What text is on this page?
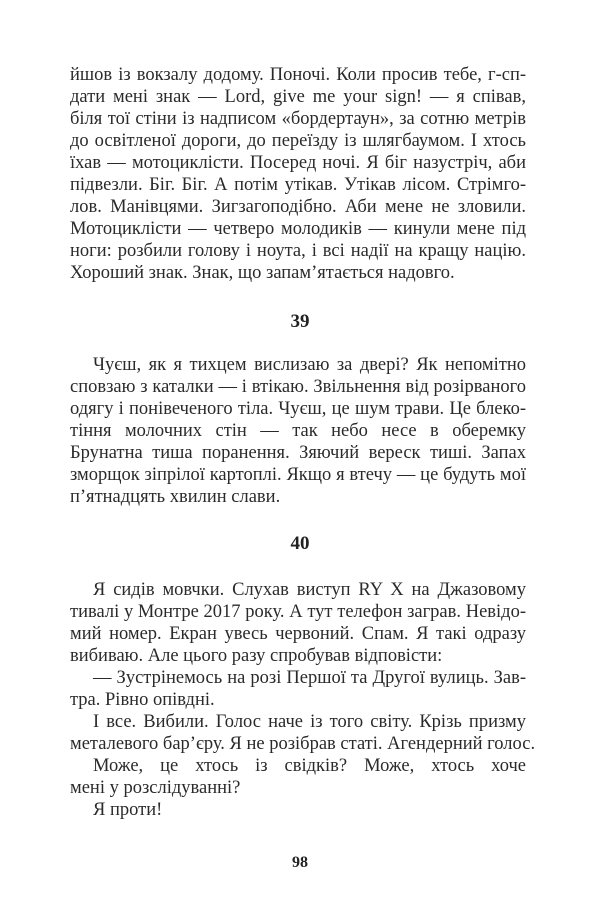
йшов із вокзалу додому. Поночі. Коли просив тебе, г-сп-
дати мені знак — Lord, give me your sign! — я співав,
біля тої стіни із надписом «бордертаун», за сотню метрів
до освітленої дороги, до переїзду із шлягбаумом. І хтось
їхав — мотоциклісти. Посеред ночі. Я біг назустріч, аби
підвезли. Біг. Біг. А потім утікав. Утікав лісом. Стрімго-
лов. Манівцями. Зигзагоподібно. Аби мене не зловили.
Мотоциклісти — четверо молодиків — кинули мене під
ноги: розбили голову і ноута, і всі надії на кращу націю.
Хороший знак. Знак, що запам’ятається надовго.
39
Чуєш, як я тихцем вислизаю за двері? Як непомітно
сповзаю з каталки — і втікаю. Звільнення від розірваного
одягу і понівеченого тіла. Чуєш, це шум трави. Це блеко-
тіння молочних стін — так небо несе в оберемку
Брунатна тиша поранення. Зяючий вереск тиші. Запах
зморщок зіпрілої картоплі. Якщо я втечу — це будуть мої
п’ятнадцять хвилин слави.
40
Я сидів мовчки. Слухав виступ RY X на Джазовому
тивалі у Монтре 2017 року. А тут телефон заграв. Невідо-
мий номер. Екран увесь червоний. Спам. Я такі одразу
вибиваю. Але цього разу спробував відповісти:
— Зустрінемось на розі Першої та Другої вулиць. Зав-
тра. Рівно опівдні.
І все. Вибили. Голос наче із того світу. Крізь призму
металевого бар’єру. Я не розібрав статі. Агендерний голос.
Може, це хтось із свідків? Може, хтось хоче
мені у розслідуванні?
Я проти!
98
